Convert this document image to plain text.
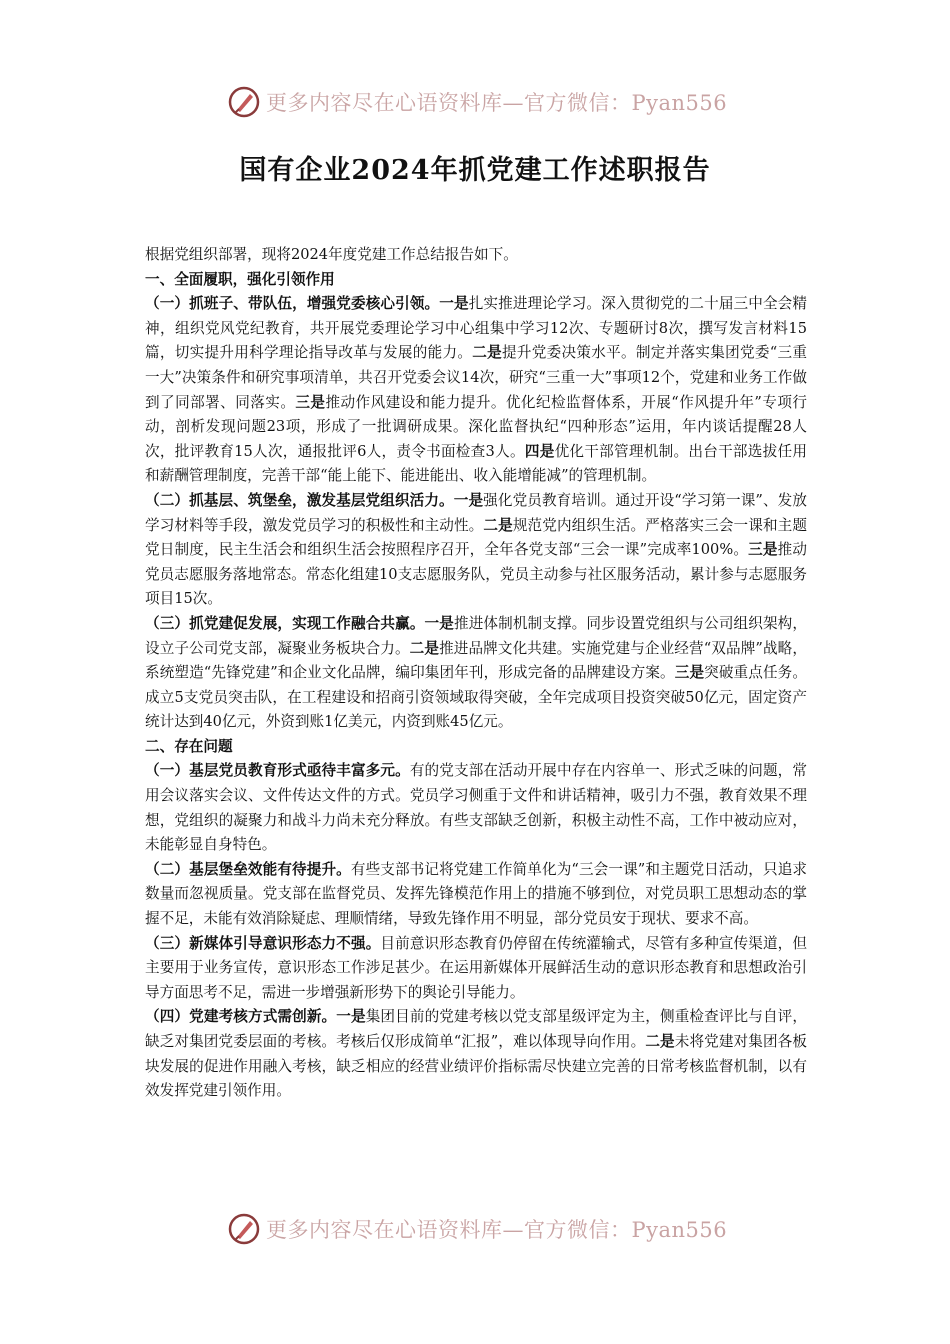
更多内容尽在心语资料库—官方微信：Pyan556
国有企业2024年抓党建工作述职报告

根据党组织部署，现将2024年度党建工作总结报告如下。

一、全面履职，强化引领作用

（一）抓班子、带队伍，增强党委核心引领。一是扎实推进理论学习。深入贯彻党的二十届三中全会精神，组织党风党纪教育，共开展党委理论学习中心组集中学习12次、专题研讨8次，撰写发言材料15篇，切实提升用科学理论指导改革与发展的能力。二是提升党委决策水平。制定并落实集团党委“三重一大”决策条件和研究事项清单，共召开党委会议14次，研究“三重一大”事项12个，党建和业务工作做到了同部署、同落实。三是推动作风建设和能力提升。优化纪检监督体系，开展“作风提升年”专项行动，剖析发现问题23项，形成了一批调研成果。深化监督执纪“四种形态”运用，年内谈话提醒28人次，批评教育15人次，通报批评6人，责令书面检查3人。四是优化干部管理机制。出台干部选拔任用和薪酬管理制度，完善干部“能上能下、能进能出、收入能增能减”的管理机制。

（二）抓基层、筑堡垒，激发基层党组织活力。一是强化党员教育培训。通过开设“学习第一课”、发放学习材料等手段，激发党员学习的积极性和主动性。二是规范党内组织生活。严格落实三会一课和主题党日制度，民主生活会和组织生活会按照程序召开，全年各党支部“三会一课”完成率100%。三是推动党员志愿服务落地常态。常态化组建10支志愿服务队，党员主动参与社区服务活动，累计参与志愿服务项目15次。

（三）抓党建促发展，实现工作融合共赢。一是推进体制机制支撑。同步设置党组织与公司组织架构，设立子公司党支部，凝聚业务板块合力。二是推进品牌文化共建。实施党建与企业经营“双品牌”战略，系统塑造“先锋党建”和企业文化品牌，编印集团年刊，形成完备的品牌建设方案。三是突破重点任务。成立5支党员突击队，在工程建设和招商引资领域取得突破，全年完成项目投资突破50亿元，固定资产统计达到40亿元，外资到账1亿美元，内资到账45亿元。

二、存在问题

（一）基层党员教育形式亟待丰富多元。有的党支部在活动开展中存在内容单一、形式乏味的问题，常用会议落实会议、文件传达文件的方式。党员学习侧重于文件和讲话精神，吸引力不强，教育效果不理想，党组织的凝聚力和战斗力尚未充分释放。有些支部缺乏创新，积极主动性不高，工作中被动应对，未能彰显自身特色。

（二）基层堡垒效能有待提升。有些支部书记将党建工作简单化为“三会一课”和主题党日活动，只追求数量而忽视质量。党支部在监督党员、发挥先锋模范作用上的措施不够到位，对党员职工思想动态的掌握不足，未能有效消除疑虑、理顺情绪，导致先锋作用不明显，部分党员安于现状、要求不高。

（三）新媒体引导意识形态力不强。目前意识形态教育仍停留在传统灌输式，尽管有多种宣传渠道，但主要用于业务宣传，意识形态工作涉足甚少。在运用新媒体开展鲜活生动的意识形态教育和思想政治引导方面思考不足，需进一步增强新形势下的舆论引导能力。

（四）党建考核方式需创新。一是集团目前的党建考核以党支部星级评定为主，侧重检查评比与自评，缺乏对集团党委层面的考核。考核后仅形成简单“汇报”，难以体现导向作用。二是未将党建对集团各板块发展的促进作用融入考核，缺乏相应的经营业绩评价指标需尽快建立完善的日常考核监督机制，以有效发挥党建引领作用。

更多内容尽在心语资料库—官方微信：Pyan556
